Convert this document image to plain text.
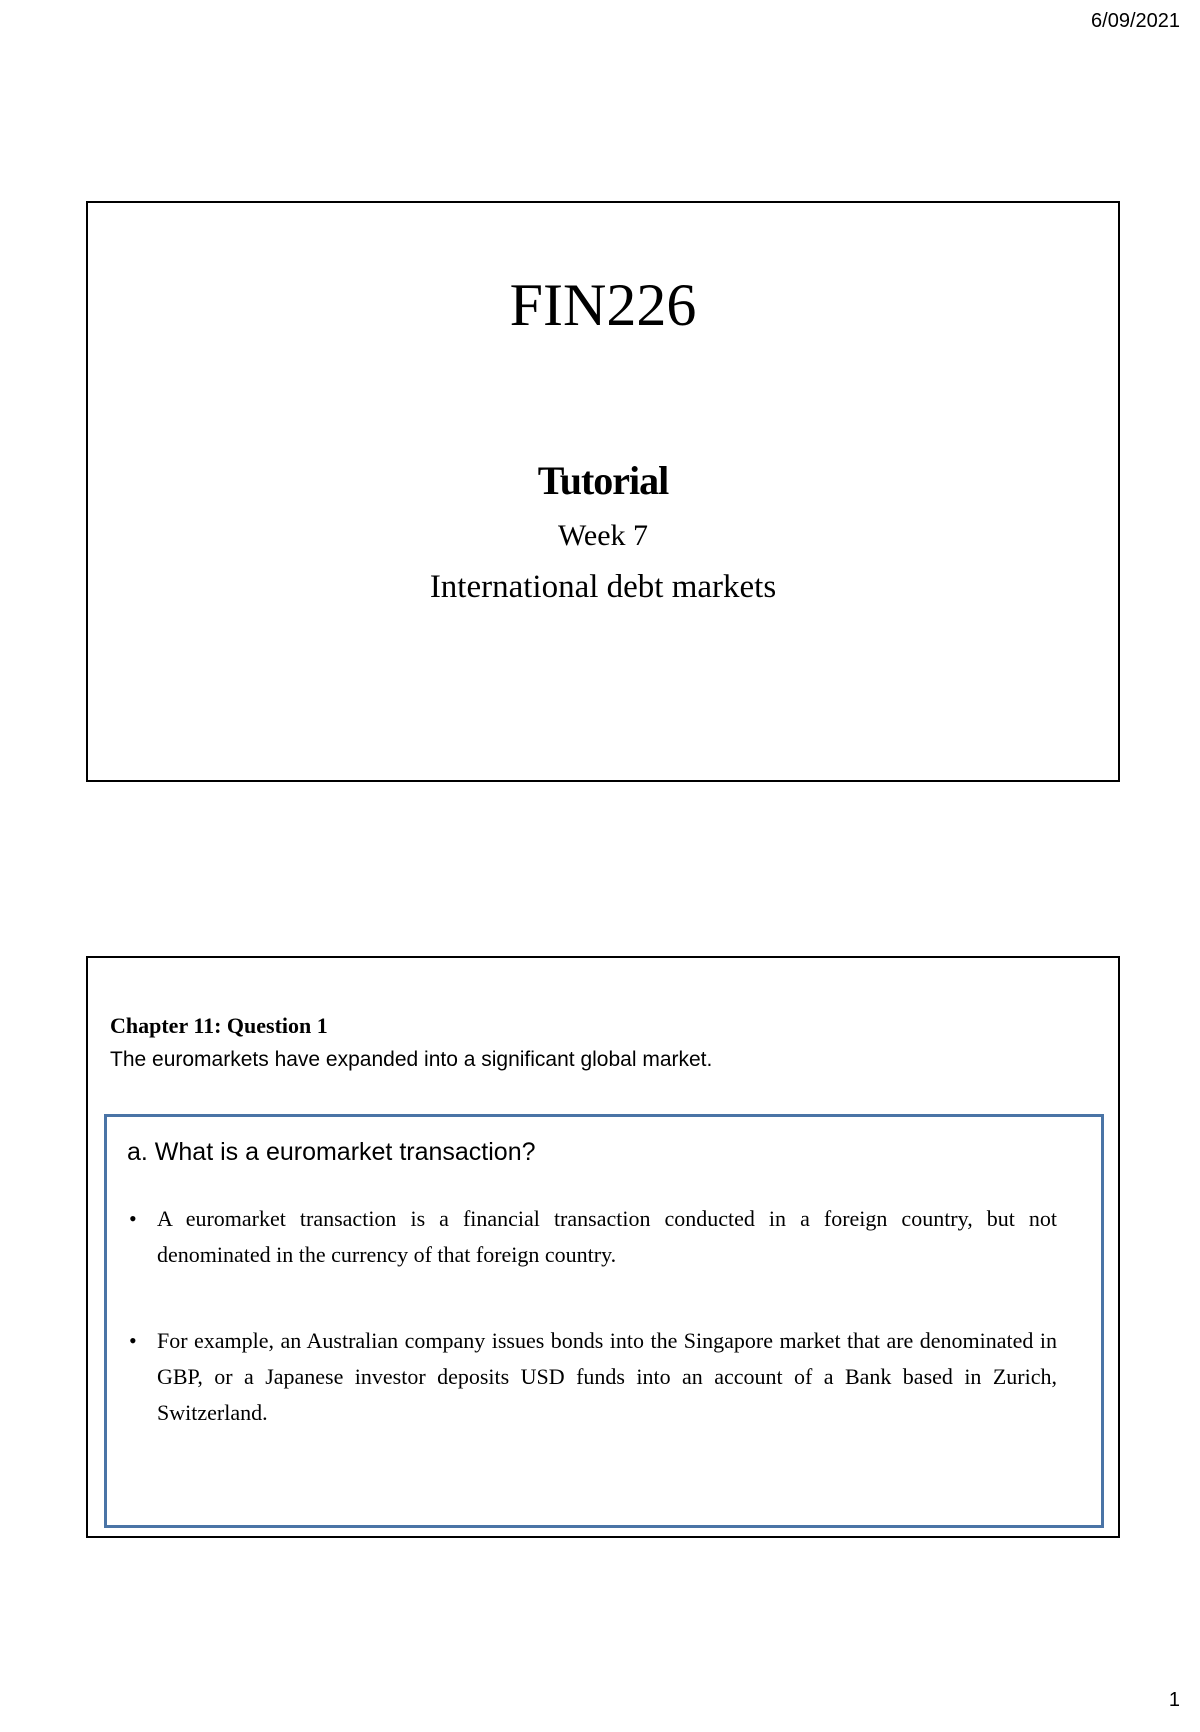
6/09/2021
FIN226
Tutorial
Week 7
International debt markets
Chapter 11: Question 1
The euromarkets have expanded into a significant global market.
a. What is a euromarket transaction?
• A euromarket transaction is a financial transaction conducted in a foreign country, but not denominated in the currency of that foreign country.
• For example, an Australian company issues bonds into the Singapore market that are denominated in GBP, or a Japanese investor deposits USD funds into an account of a Bank based in Zurich, Switzerland.
1
